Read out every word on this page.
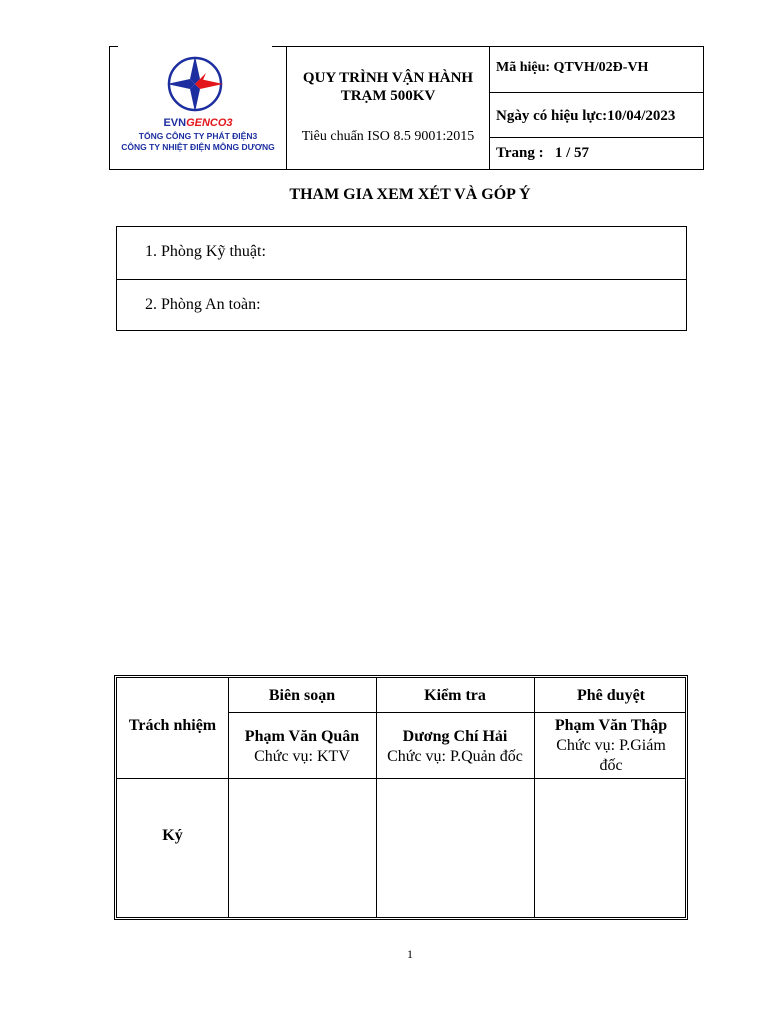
EVNGENCO3
TỔNG CÔNG TY PHÁT ĐIỆN3
CÔNG TY NHIỆT ĐIỆN MÔNG DƯƠNG
QUY TRÌNH VẬN HÀNH
TRẠM 500KV
Tiêu chuẩn ISO 8.5 9001:2015
Mã hiệu: QTVH/02Đ-VH
Ngày có hiệu lực:10/04/2023
Trang : 1 / 57
THAM GIA XEM XÉT VÀ GÓP Ý
1. Phòng Kỹ thuật:
2. Phòng An toàn:
Trách nhiệm
Ký
Biên soạn	Kiểm tra	Phê duyệt
Phạm Văn Quân
Chức vụ: KTV
Dương Chí Hải
Chức vụ: P.Quản đốc
Phạm Văn Thập
Chức vụ: P.Giám
đốc
1
